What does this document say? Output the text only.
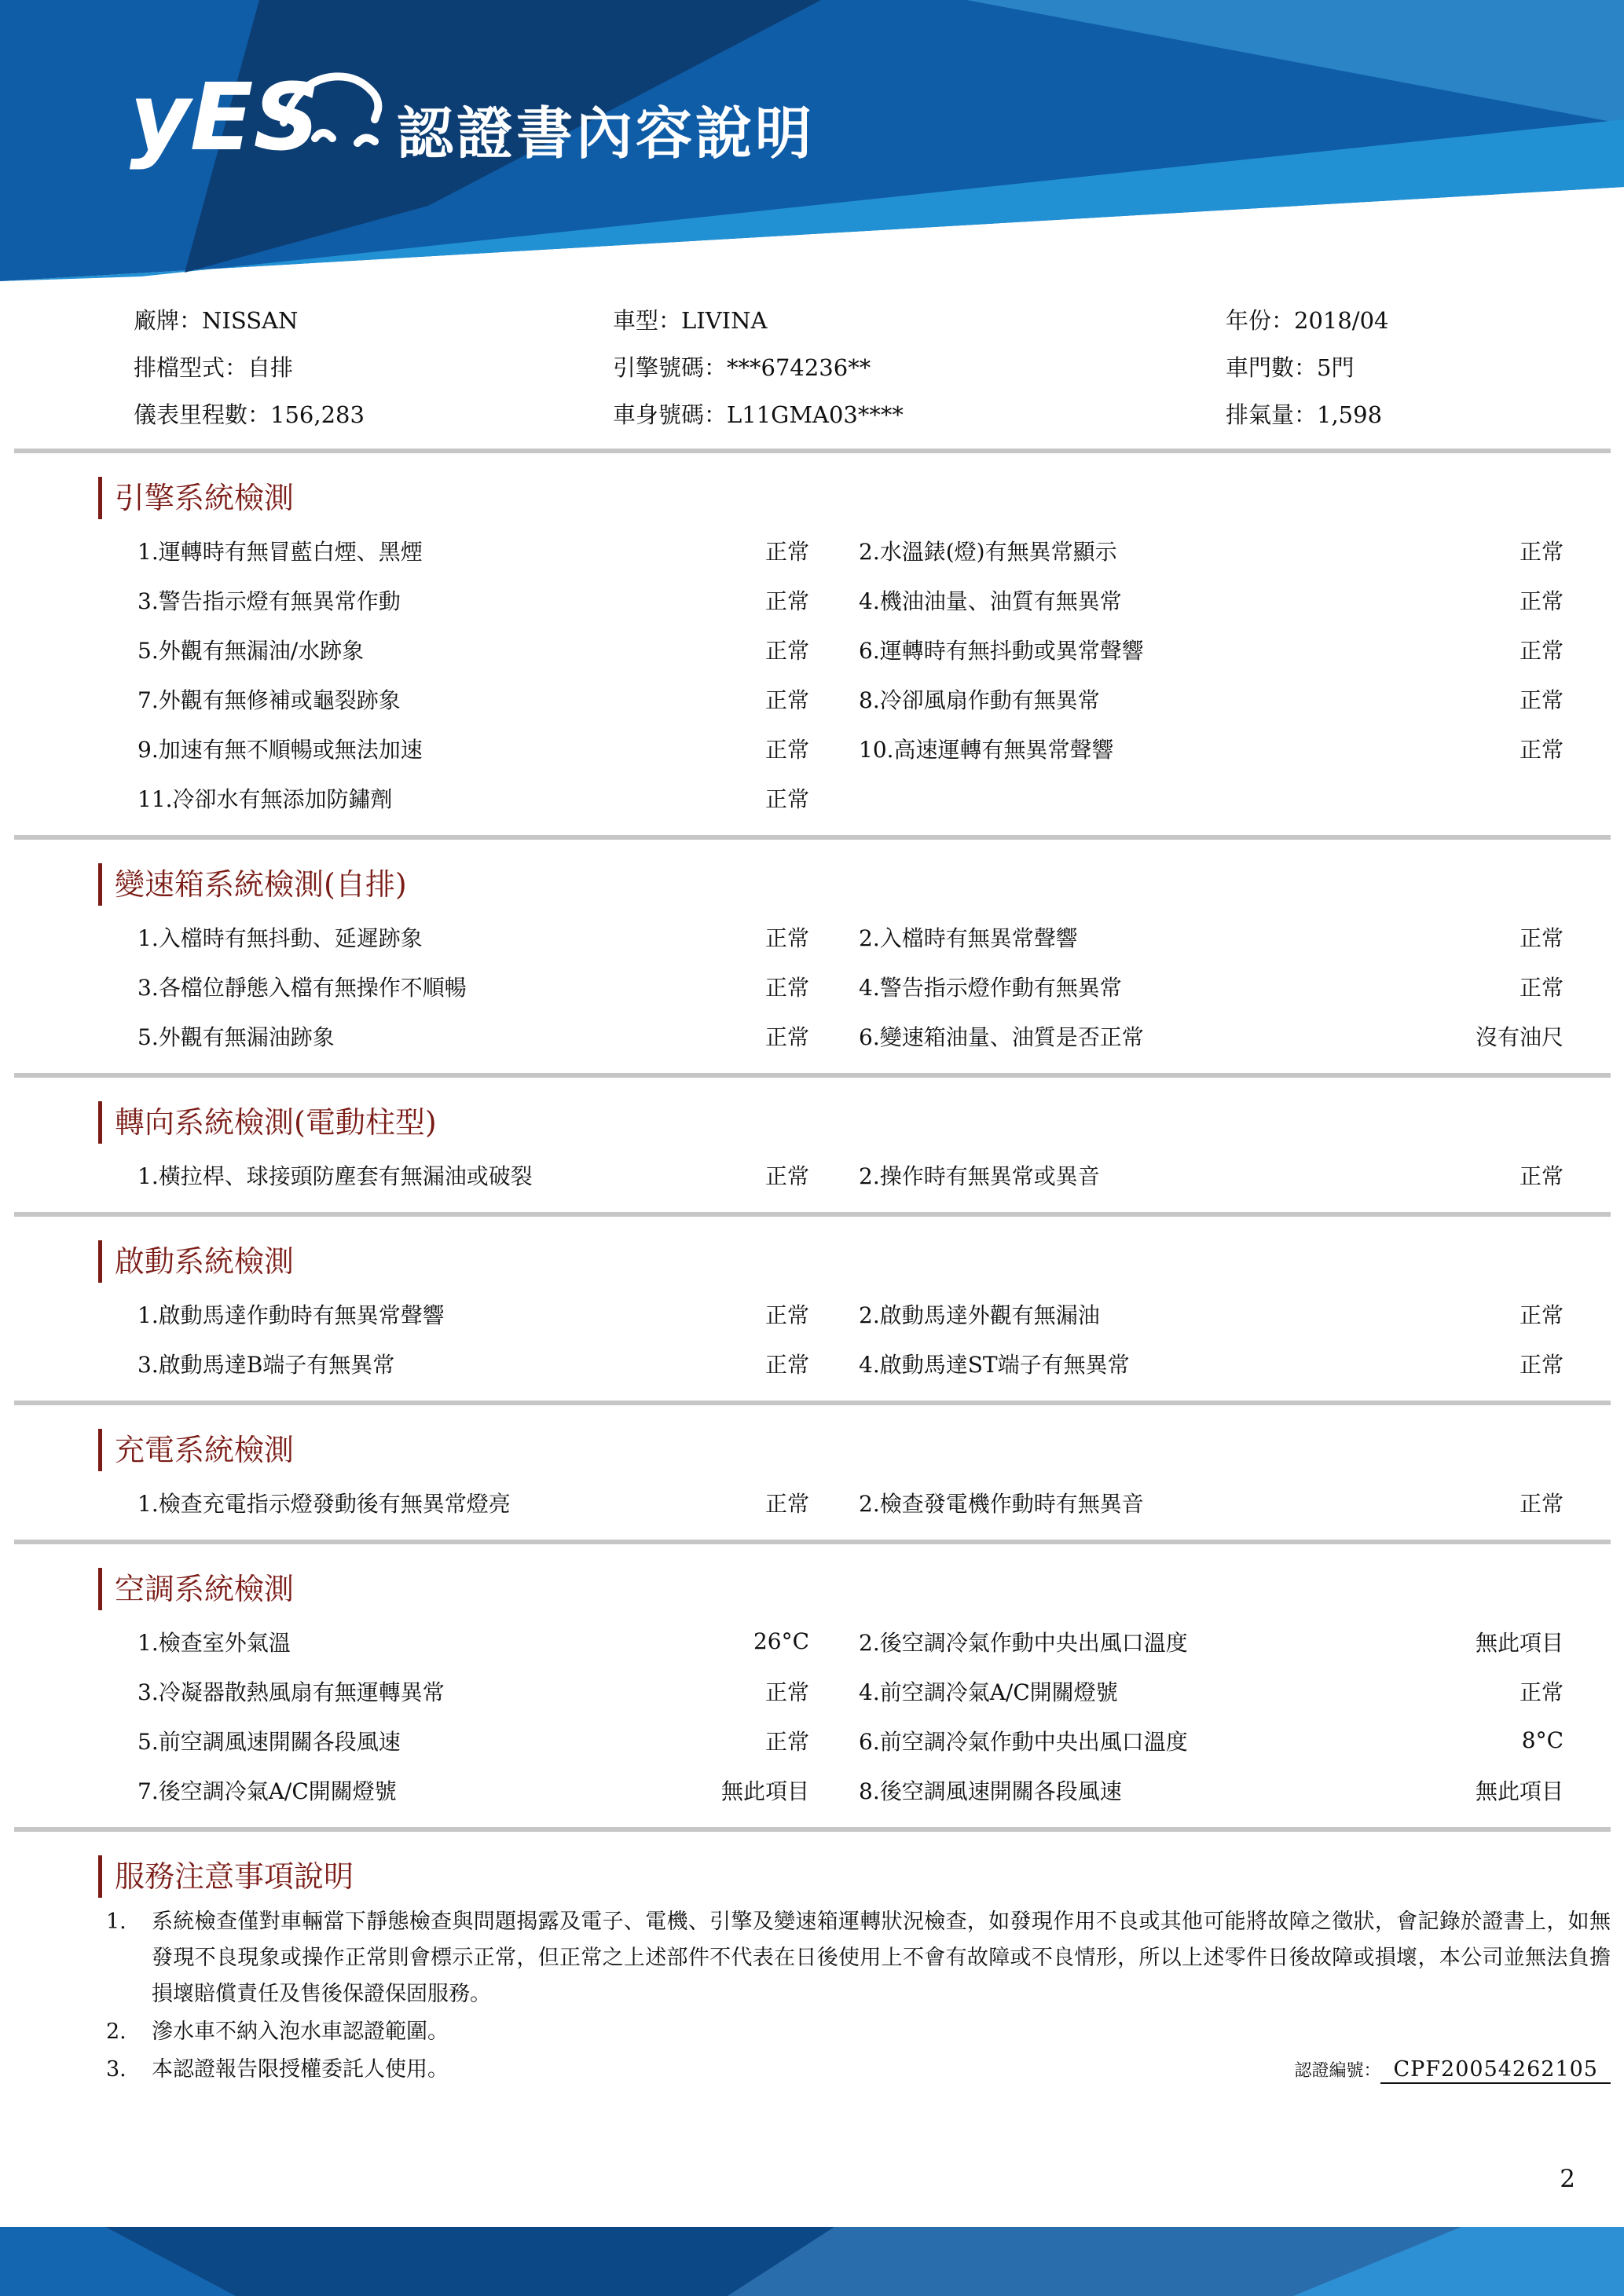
yES 認證書內容說明
廠牌：NISSAN	車型：LIVINA	年份：2018/04
排檔型式：自排	引擎號碼：***674236**	車門數：5門
儀表里程數：156,283	車身號碼：L11GMA03****	排氣量：1,598
引擎系統檢測
1.運轉時有無冒藍白煙、黑煙	正常	2.水溫錶(燈)有無異常顯示	正常
3.警告指示燈有無異常作動	正常	4.機油油量、油質有無異常	正常
5.外觀有無漏油/水跡象	正常	6.運轉時有無抖動或異常聲響	正常
7.外觀有無修補或龜裂跡象	正常	8.冷卻風扇作動有無異常	正常
9.加速有無不順暢或無法加速	正常	10.高速運轉有無異常聲響	正常
11.冷卻水有無添加防鏽劑	正常
變速箱系統檢測(自排)
1.入檔時有無抖動、延遲跡象	正常	2.入檔時有無異常聲響	正常
3.各檔位靜態入檔有無操作不順暢	正常	4.警告指示燈作動有無異常	正常
5.外觀有無漏油跡象	正常	6.變速箱油量、油質是否正常	沒有油尺
轉向系統檢測(電動柱型)
1.橫拉桿、球接頭防塵套有無漏油或破裂	正常	2.操作時有無異常或異音	正常
啟動系統檢測
1.啟動馬達作動時有無異常聲響	正常	2.啟動馬達外觀有無漏油	正常
3.啟動馬達B端子有無異常	正常	4.啟動馬達ST端子有無異常	正常
充電系統檢測
1.檢查充電指示燈發動後有無異常燈亮	正常	2.檢查發電機作動時有無異音	正常
空調系統檢測
1.檢查室外氣溫	26°C	2.後空調冷氣作動中央出風口溫度	無此項目
3.冷凝器散熱風扇有無運轉異常	正常	4.前空調冷氣A/C開關燈號	正常
5.前空調風速開關各段風速	正常	6.前空調冷氣作動中央出風口溫度	8°C
7.後空調冷氣A/C開關燈號	無此項目	8.後空調風速開關各段風速	無此項目
服務注意事項說明
1.	系統檢查僅對車輛當下靜態檢查與問題揭露及電子、電機、引擎及變速箱運轉狀況檢查，如發現作用不良或其他可能將故障之徵狀，會記錄於證書上，如無發現不良現象或操作正常則會標示正常，但正常之上述部件不代表在日後使用上不會有故障或不良情形，所以上述零件日後故障或損壞，本公司並無法負擔損壞賠償責任及售後保證保固服務。
2.	滲水車不納入泡水車認證範圍。
3.	本認證報告限授權委託人使用。	認證編號： CPF20054262105
2
